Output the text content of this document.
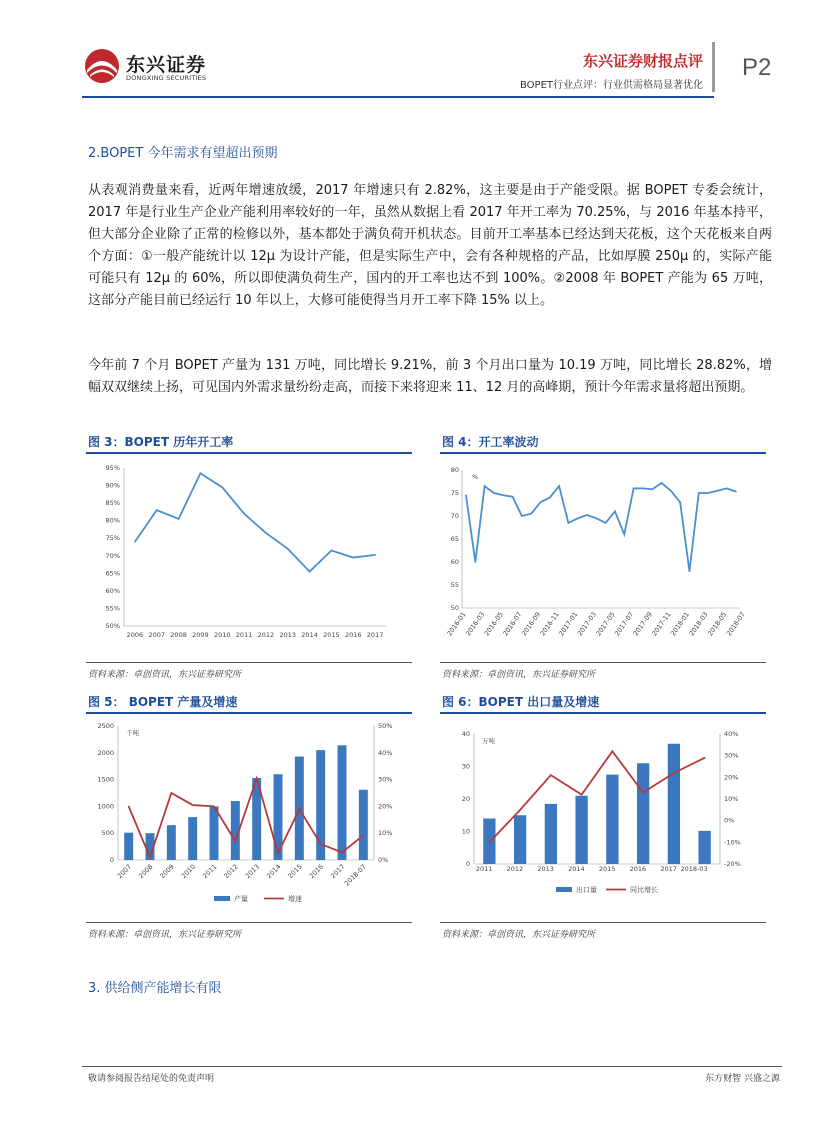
东兴证券
DONGXING SECURITIES
东兴证券财报点评
BOPET行业点评：行业供需格局显著优化
P2
2.BOPET 今年需求有望超出预期
从表观消费量来看，近两年增速放缓，2017 年增速只有 2.82%，这主要是由于产能受限。据 BOPET 专委会统计，2017 年是行业生产企业产能利用率较好的一年，虽然从数据上看 2017 年开工率为 70.25%，与 2016 年基本持平，但大部分企业除了正常的检修以外，基本都处于满负荷开机状态。目前开工率基本已经达到天花板，这个天花板来自两个方面：①一般产能统计以 12μ 为设计产能，但是实际生产中，会有各种规格的产品，比如厚膜 250μ 的，实际产能可能只有 12μ 的 60%，所以即使满负荷生产，国内的开工率也达不到 100%。②2008 年 BOPET 产能为 65 万吨，这部分产能目前已经运行 10 年以上，大修可能使得当月开工率下降 15% 以上。
今年前 7 个月 BOPET 产量为 131 万吨，同比增长 9.21%，前 3 个月出口量为 10.19 万吨，同比增长 28.82%，增幅双双继续上扬，可见国内外需求量纷纷走高，而接下来将迎来 11、12 月的高峰期，预计今年需求量将超出预期。
图 3：BOPET 历年开工率
50%
55%
60%
65%
70%
75%
80%
85%
90%
95%
2006 2007 2008 2009 2010 2011 2012 2013 2014 2015 2016 2017
资料来源：卓创资讯，东兴证券研究所
图 4：开工率波动
%
50
55
60
65
70
75
80
2016-01
2016-03
2016-05
2016-07
2016-09
2016-11
2017-01
2017-03
2017-05
2017-07
2017-09
2017-11
2018-01
2018-03
2018-05
2018-07
资料来源：卓创资讯，东兴证券研究所
图 5： BOPET 产量及增速
千吨
0
500
1000
1500
2000
2500
0%
10%
20%
30%
40%
50%
2007 2008 2009 2010 2011 2012 2013 2014 2015 2016 2017
2018-07
产量	增速
资料来源：卓创资讯，东兴证券研究所
图 6：BOPET 出口量及增速
万吨
0
10
20
30
40
-20%
-10%
0%
10%
20%
30%
40%
2011 2012 2013 2014 2015 2016 2017 2018-03
出口量	同比增长
资料来源：卓创资讯，东兴证券研究所
3. 供给侧产能增长有限
敬请参阅报告结尾处的免责声明	东方财智 兴盛之源
